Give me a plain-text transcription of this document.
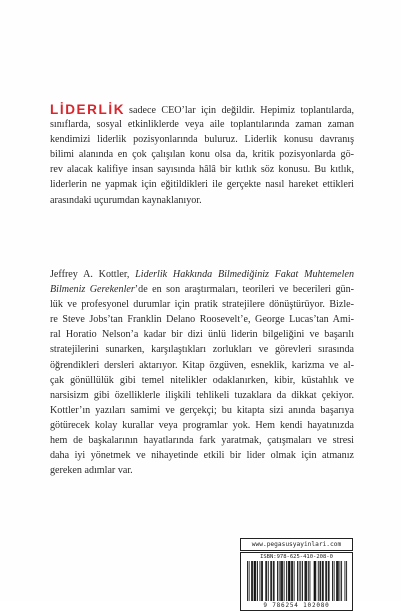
LİDERLİK sadece CEO’lar için değildir. Hepimiz toplantılarda,
sınıflarda, sosyal etkinliklerde veya aile toplantılarında zaman zaman
kendimizi liderlik pozisyonlarında buluruz. Liderlik konusu davranış
bilimi alanında en çok çalışılan konu olsa da, kritik pozisyonlarda gö-
rev alacak kalifiye insan sayısında hâlâ bir kıtlık söz konusu. Bu kıtlık,
liderlerin ne yapmak için eğitildikleri ile gerçekte nasıl hareket ettikleri
arasındaki uçurumdan kaynaklanıyor.
Jeffrey A. Kottler, Liderlik Hakkında Bilmediğiniz Fakat Muhtemelen
Bilmeniz Gerekenler’de en son araştırmaları, teorileri ve becerileri gün-
lük ve profesyonel durumlar için pratik stratejilere dönüştürüyor. Bizle-
re Steve Jobs’tan Franklin Delano Roosevelt’e, George Lucas’tan Ami-
ral Horatio Nelson’a kadar bir dizi ünlü liderin bilgeliğini ve başarılı
stratejilerini sunarken, karşılaştıkları zorlukları ve görevleri sırasında
öğrendikleri dersleri aktarıyor. Kitap özgüven, esneklik, karizma ve al-
çak gönüllülük gibi temel nitelikler odaklanırken, kibir, küstahlık ve
narsisizm gibi özelliklerle ilişkili tehlikeli tuzaklara da dikkat çekiyor.
Kottler’ın yazıları samimi ve gerçekçi; bu kitapta sizi anında başarıya
götürecek kolay kurallar veya programlar yok. Hem kendi hayatınızda
hem de başkalarının hayatlarında fark yaratmak, çatışmaları ve stresi
daha iyi yönetmek ve nihayetinde etkili bir lider olmak için atmanız
gereken adımlar var.
www.pegasusyayinlari.com
ISBN:978-625-410-208-0
9 786254 102080
